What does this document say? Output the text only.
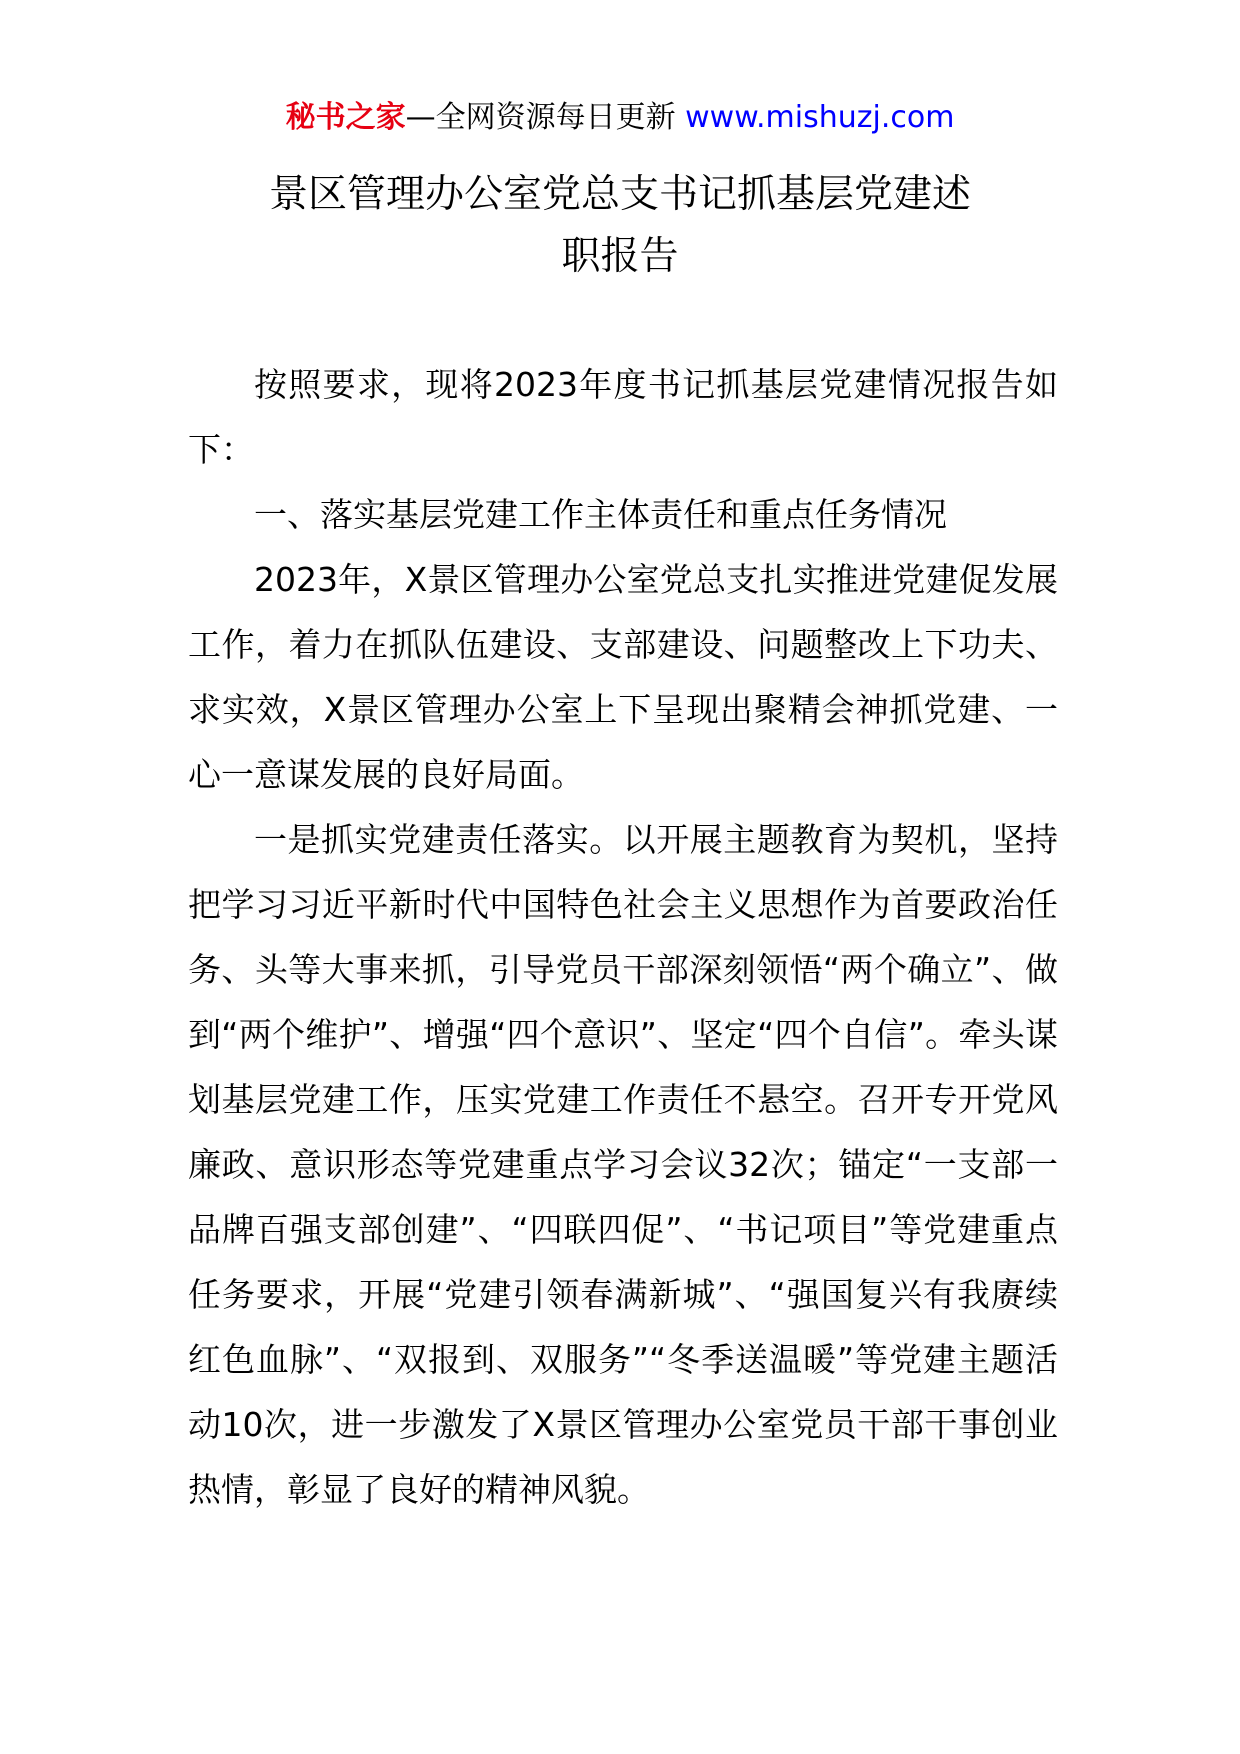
秘书之家—全网资源每日更新 www.mishuzj.com
景区管理办公室党总支书记抓基层党建述
职报告

按照要求，现将2023年度书记抓基层党建情况报告如下：

一、落实基层党建工作主体责任和重点任务情况

2023年，X景区管理办公室党总支扎实推进党建促发展工作，着力在抓队伍建设、支部建设、问题整改上下功夫、求实效，X景区管理办公室上下呈现出聚精会神抓党建、一心一意谋发展的良好局面。

一是抓实党建责任落实。以开展主题教育为契机，坚持把学习习近平新时代中国特色社会主义思想作为首要政治任务、头等大事来抓，引导党员干部深刻领悟“两个确立”、做到“两个维护”、增强“四个意识”、坚定“四个自信”。牵头谋划基层党建工作，压实党建工作责任不悬空。召开专开党风廉政、意识形态等党建重点学习会议32次；锚定“一支部一品牌百强支部创建”、“四联四促”、“书记项目”等党建重点任务要求，开展“党建引领春满新城”、“强国复兴有我赓续红色血脉”、“双报到、双服务”“冬季送温暖”等党建主题活动10次，进一步激发了X景区管理办公室党员干部干事创业热情，彰显了良好的精神风貌。
